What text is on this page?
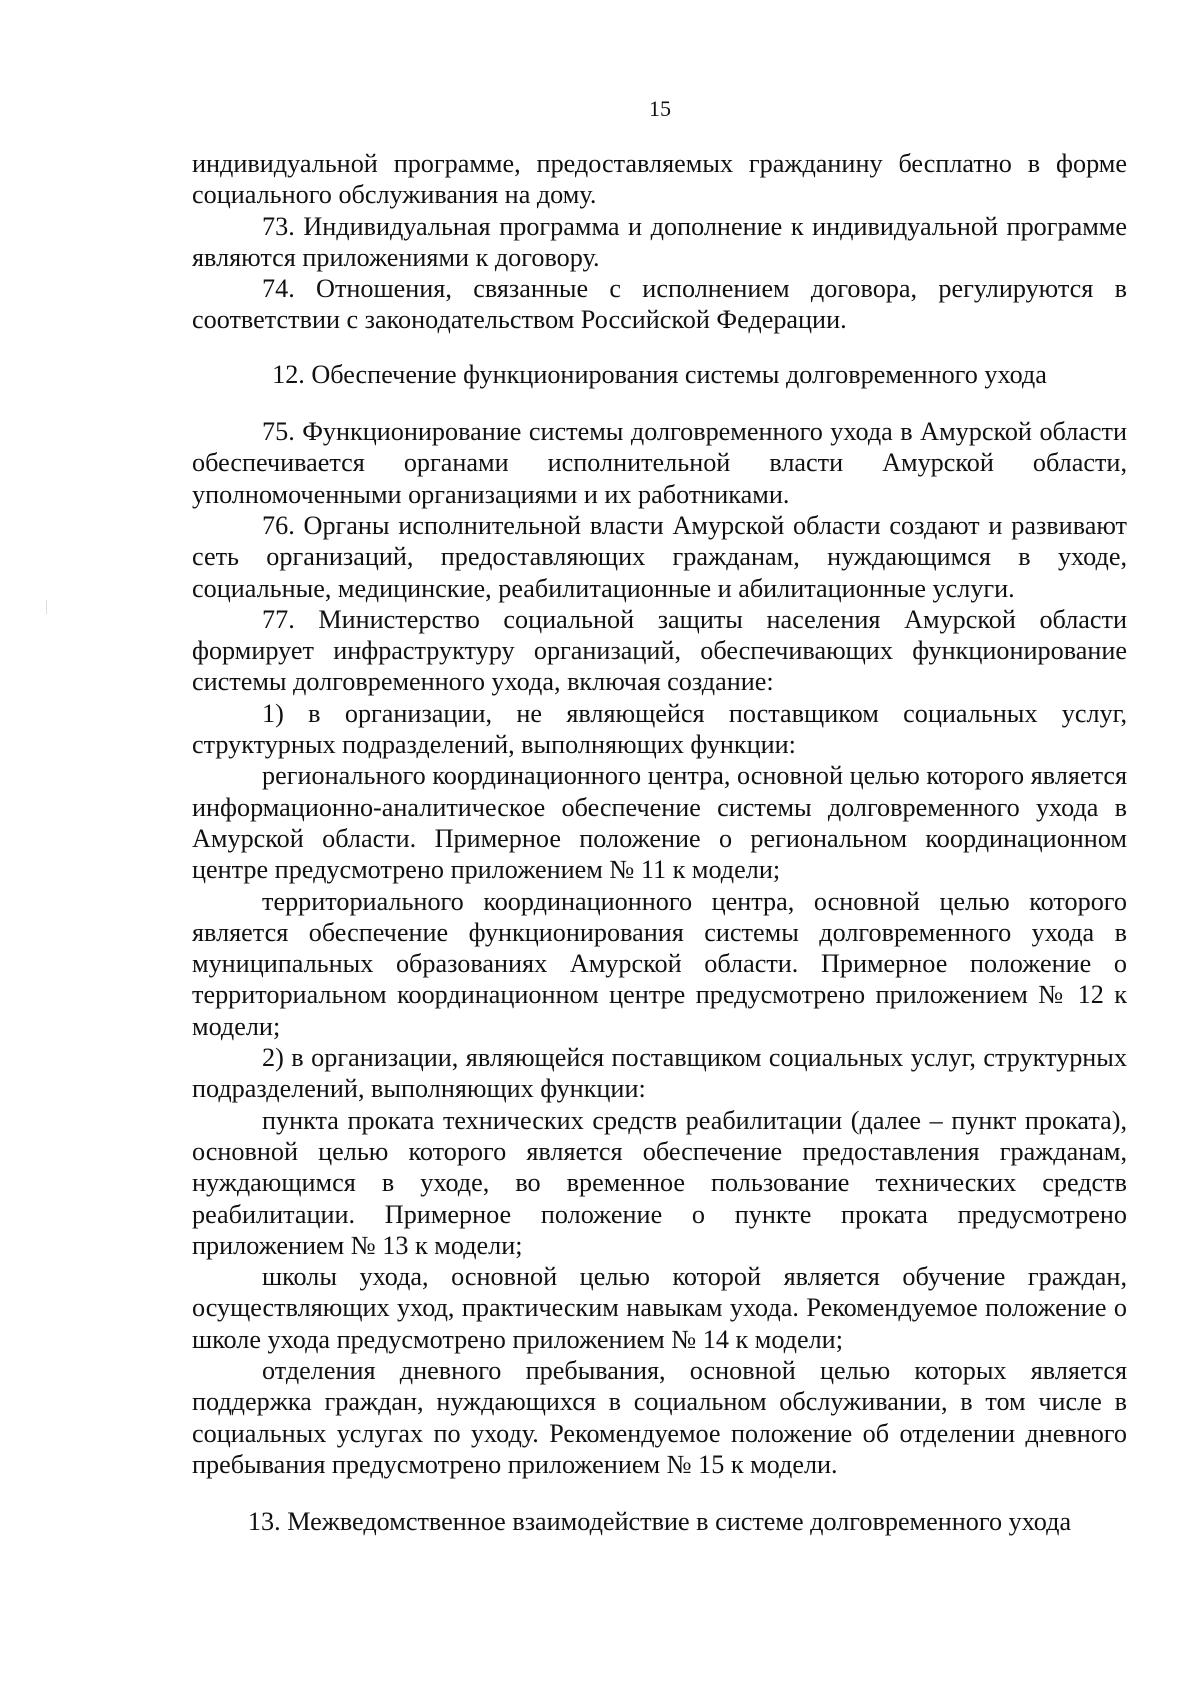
15

индивидуальной программе, предоставляемых гражданину бесплатно в форме социального обслуживания на дому.

73. Индивидуальная программа и дополнение к индивидуальной программе являются приложениями к договору.

74. Отношения, связанные с исполнением договора, регулируются в соответствии с законодательством Российской Федерации.

12. Обеспечение функционирования системы долговременного ухода

75. Функционирование системы долговременного ухода в Амурской области обеспечивается органами исполнительной власти Амурской области, уполномоченными организациями и их работниками.

76. Органы исполнительной власти Амурской области создают и развивают сеть организаций, предоставляющих гражданам, нуждающимся в уходе, социальные, медицинские, реабилитационные и абилитационные услуги.

77. Министерство социальной защиты населения Амурской области формирует инфраструктуру организаций, обеспечивающих функционирование системы долговременного ухода, включая создание:

1) в организации, не являющейся поставщиком социальных услуг, структурных подразделений, выполняющих функции:

регионального координационного центра, основной целью которого является информационно-аналитическое обеспечение системы долговременного ухода в Амурской области. Примерное положение о региональном координационном центре предусмотрено приложением № 11 к модели;

территориального координационного центра, основной целью которого является обеспечение функционирования системы долговременного ухода в муниципальных образованиях Амурской области. Примерное положение о территориальном координационном центре предусмотрено приложением № 12 к модели;

2) в организации, являющейся поставщиком социальных услуг, структурных подразделений, выполняющих функции:

пункта проката технических средств реабилитации (далее – пункт проката), основной целью которого является обеспечение предоставления гражданам, нуждающимся в уходе, во временное пользование технических средств реабилитации. Примерное положение о пункте проката предусмотрено приложением № 13 к модели;

школы ухода, основной целью которой является обучение граждан, осуществляющих уход, практическим навыкам ухода. Рекомендуемое положение о школе ухода предусмотрено приложением № 14 к модели;

отделения дневного пребывания, основной целью которых является поддержка граждан, нуждающихся в социальном обслуживании, в том числе в социальных услугах по уходу. Рекомендуемое положение об отделении дневного пребывания предусмотрено приложением № 15 к модели.

13. Межведомственное взаимодействие в системе долговременного ухода
